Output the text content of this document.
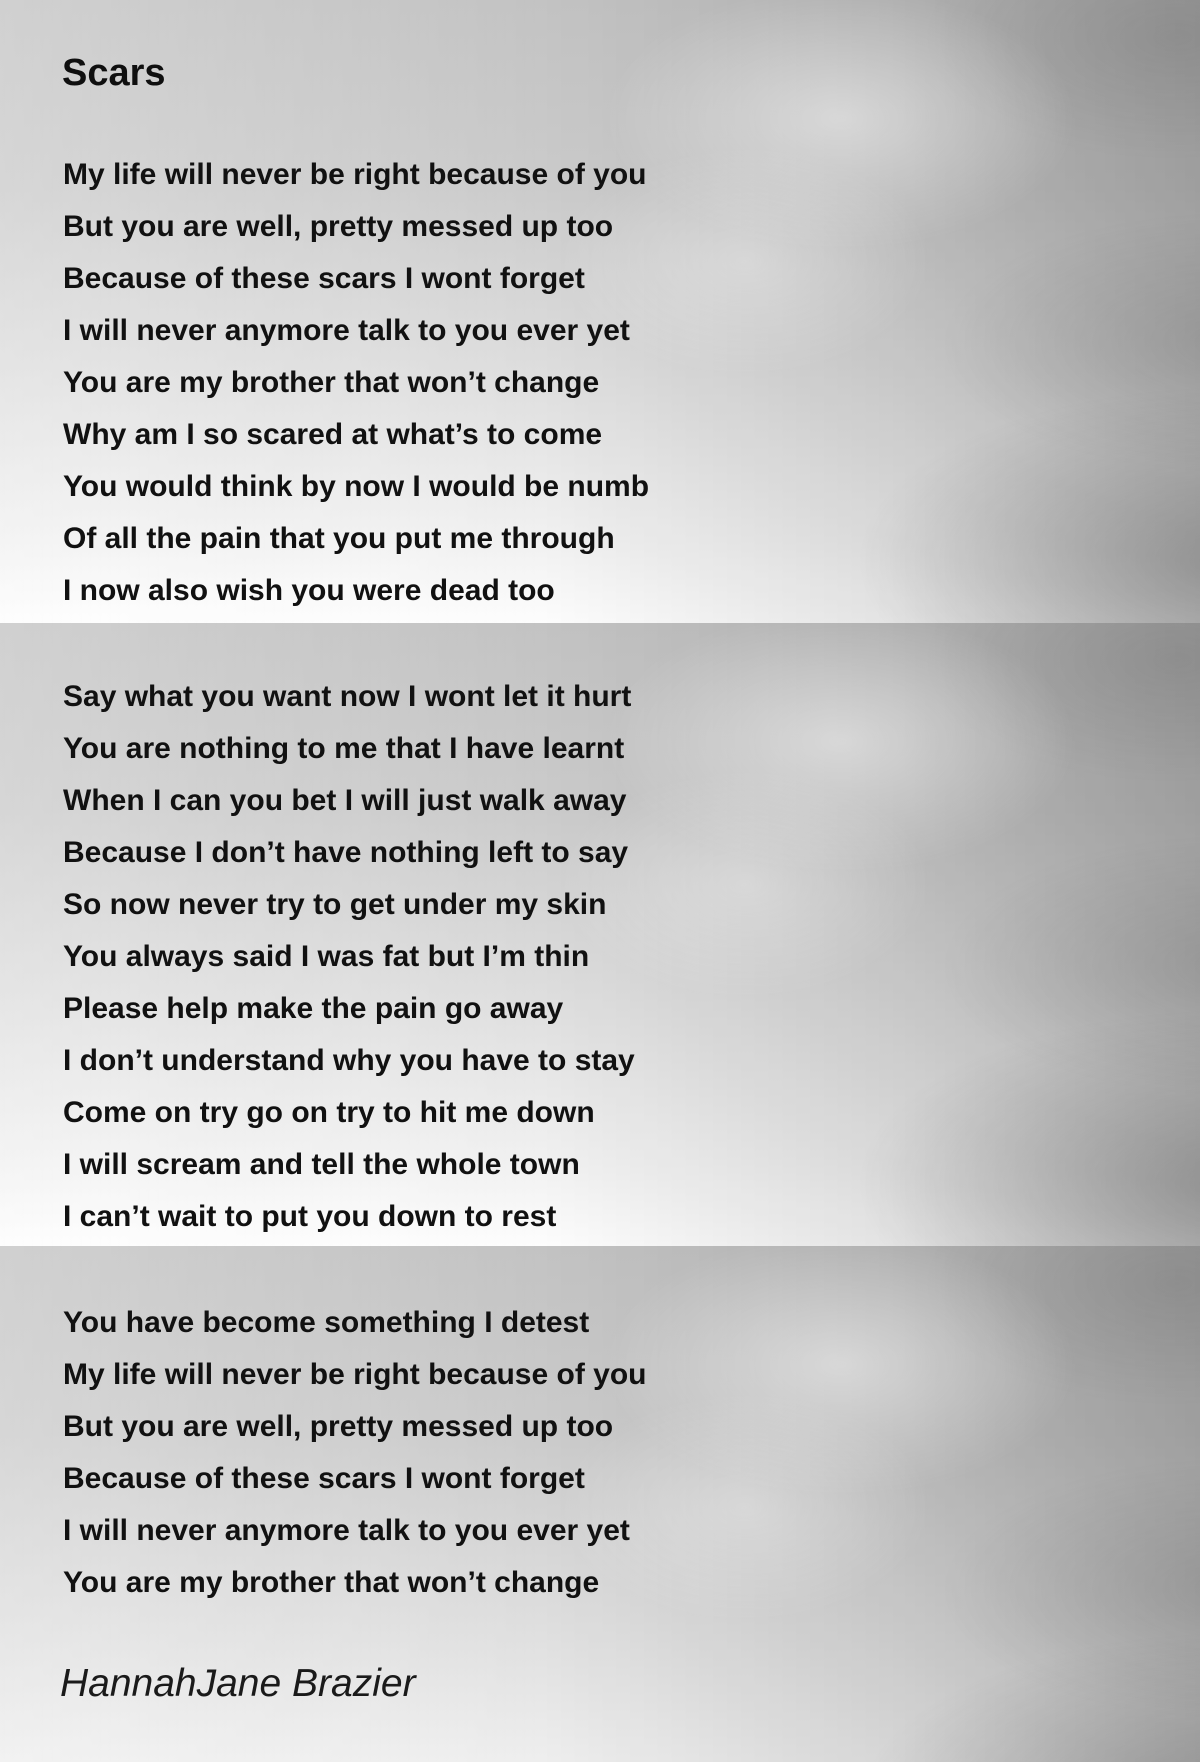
Scars

My life will never be right because of you

But you are well, pretty messed up too

Because of these scars I wont forget

I will never anymore talk to you ever yet

You are my brother that won’t change

Why am I so scared at what’s to come

You would think by now I would be numb

Of all the pain that you put me through

I now also wish you were dead too

Say what you want now I wont let it hurt

You are nothing to me that I have learnt

When I can you bet I will just walk away

Because I don’t have nothing left to say

So now never try to get under my skin

You always said I was fat but I’m thin

Please help make the pain go away

I don’t understand why you have to stay

Come on try go on try to hit me down

I will scream and tell the whole town

I can’t wait to put you down to rest

You have become something I detest

My life will never be right because of you

But you are well, pretty messed up too

Because of these scars I wont forget

I will never anymore talk to you ever yet

You are my brother that won’t change

HannahJane Brazier
